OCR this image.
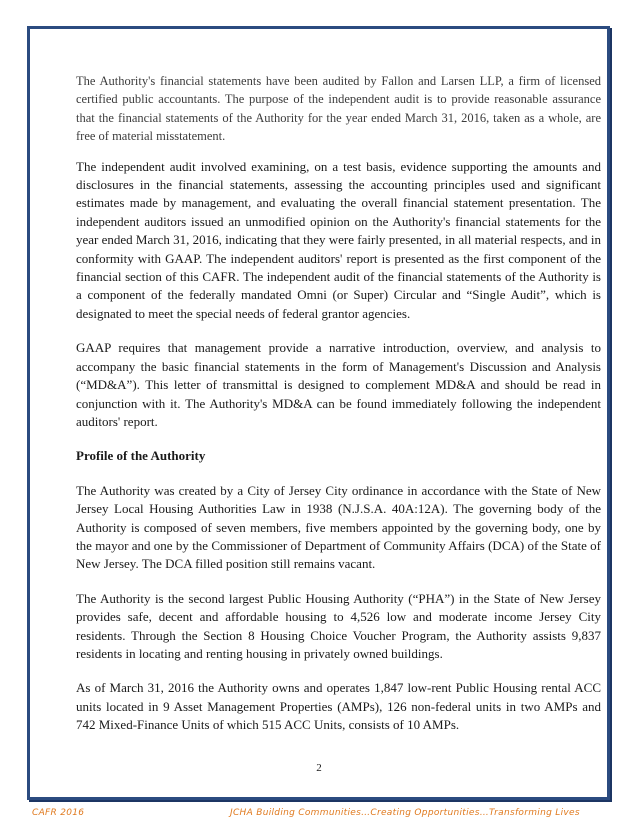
The Authority's financial statements have been audited by Fallon and Larsen LLP, a firm of licensed certified public accountants. The purpose of the independent audit is to provide reasonable assurance that the financial statements of the Authority for the year ended March 31, 2016, taken as a whole, are free of material misstatement.

The independent audit involved examining, on a test basis, evidence supporting the amounts and disclosures in the financial statements, assessing the accounting principles used and significant estimates made by management, and evaluating the overall financial statement presentation. The independent auditors issued an unmodified opinion on the Authority's financial statements for the year ended March 31, 2016, indicating that they were fairly presented, in all material respects, and in conformity with GAAP. The independent auditors' report is presented as the first component of the financial section of this CAFR. The independent audit of the financial statements of the Authority is a component of the federally mandated Omni (or Super) Circular and “Single Audit”, which is designated to meet the special needs of federal grantor agencies.

GAAP requires that management provide a narrative introduction, overview, and analysis to accompany the basic financial statements in the form of Management's Discussion and Analysis (“MD&A”). This letter of transmittal is designed to complement MD&A and should be read in conjunction with it. The Authority's MD&A can be found immediately following the independent auditors' report.

Profile of the Authority

The Authority was created by a City of Jersey City ordinance in accordance with the State of New Jersey Local Housing Authorities Law in 1938 (N.J.S.A. 40A:12A). The governing body of the Authority is composed of seven members, five members appointed by the governing body, one by the mayor and one by the Commissioner of Department of Community Affairs (DCA) of the State of New Jersey. The DCA filled position still remains vacant.

The Authority is the second largest Public Housing Authority (“PHA”) in the State of New Jersey provides safe, decent and affordable housing to 4,526 low and moderate income Jersey City residents. Through the Section 8 Housing Choice Voucher Program, the Authority assists 9,837 residents in locating and renting housing in privately owned buildings.

As of March 31, 2016 the Authority owns and operates 1,847 low-rent Public Housing rental ACC units located in 9 Asset Management Properties (AMPs), 126 non-federal units in two AMPs and 742 Mixed-Finance Units of which 515 ACC Units, consists of 10 AMPs.

2
CAFR 2016	JCHA Building Communities…Creating Opportunities…Transforming Lives
